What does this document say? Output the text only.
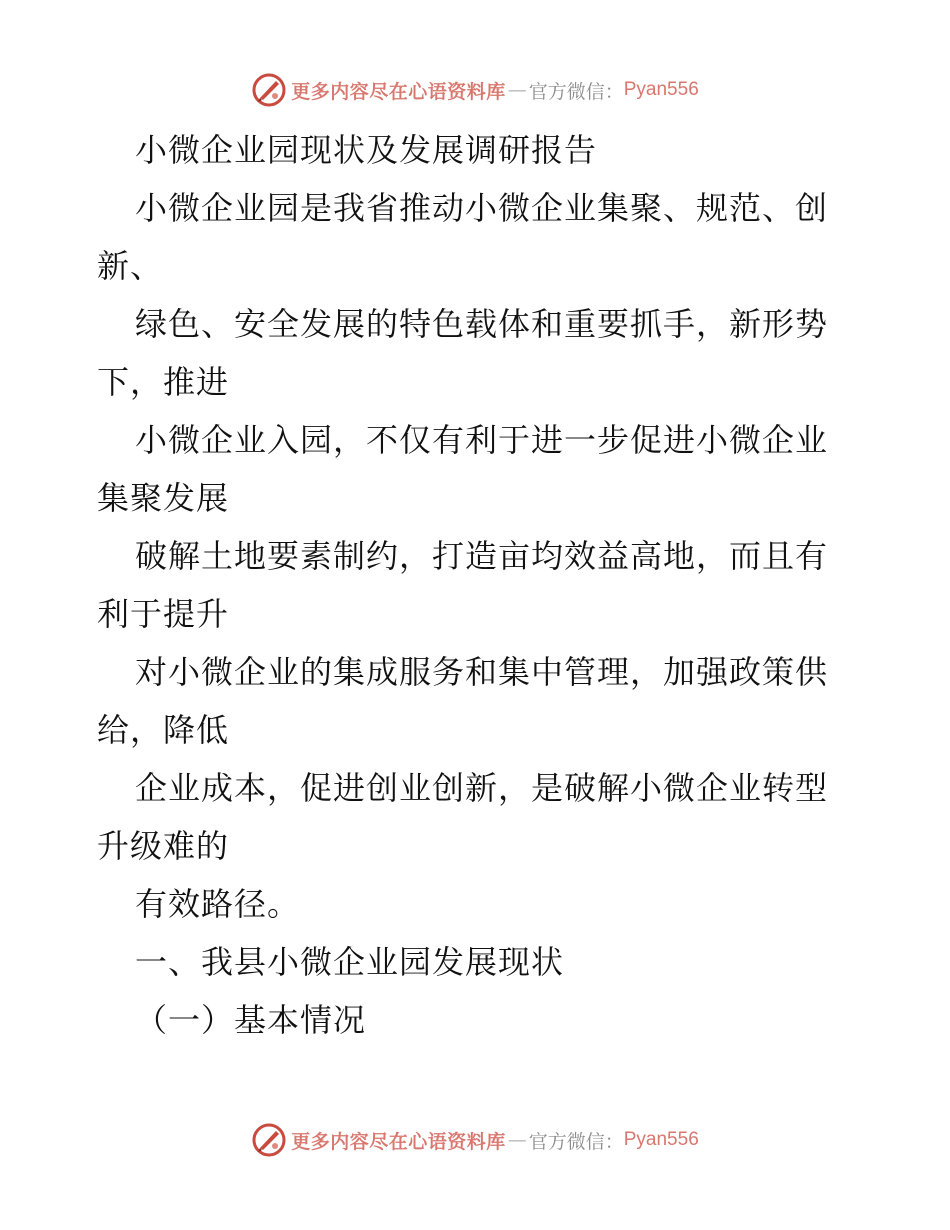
更多内容尽在心语资料库 — 官方微信： Pyan556
小微企业园现状及发展调研报告
小微企业园是我省推动小微企业集聚、规范、创
新、
绿色、安全发展的特色载体和重要抓手，新形势
下，推进
小微企业入园，不仅有利于进一步促进小微企业
集聚发展
破解土地要素制约，打造亩均效益高地，而且有
利于提升
对小微企业的集成服务和集中管理，加强政策供
给，降低
企业成本，促进创业创新，是破解小微企业转型
升级难的
有效路径。
一、我县小微企业园发展现状
（一）基本情况
更多内容尽在心语资料库 — 官方微信： Pyan556
